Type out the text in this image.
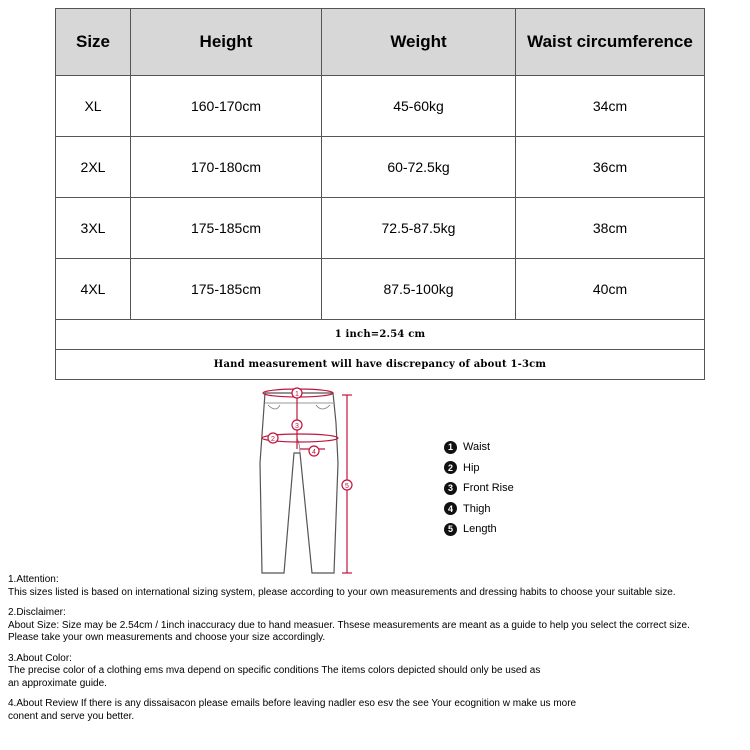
Size	Height	Weight	Waist circumference
XL	160-170cm	45-60kg	34cm
2XL	170-180cm	60-72.5kg	36cm
3XL	175-185cm	72.5-87.5kg	38cm
4XL	175-185cm	87.5-100kg	40cm
1 inch=2.54 cm			
Hand measurement will have discrepancy of about 1-3cm			
1
2
3
4
5
1 Waist
2 Hip
3 Front Rise
4 Thigh
5 Length

1.Attention:

This sizes listed is based on international sizing system, please according to your own measurements and dressing habits to choose your suitable size.

2.Disclaimer:

About Size: Size may be 2.54cm / 1inch inaccuracy due to hand measuer. Thsese measurements are meant as a guide to help you select the correct size.

Please take your own measurements and choose your size accordingly.

3.About Color:

The precise color of a clothing ems mva depend on specific conditions The items colors depicted should only be used as

an approximate guide.

4.About Review If there is any dissaisacon please emails before leaving nadler eso esv the see Your ecognition w make us more

conent and serve you better.
